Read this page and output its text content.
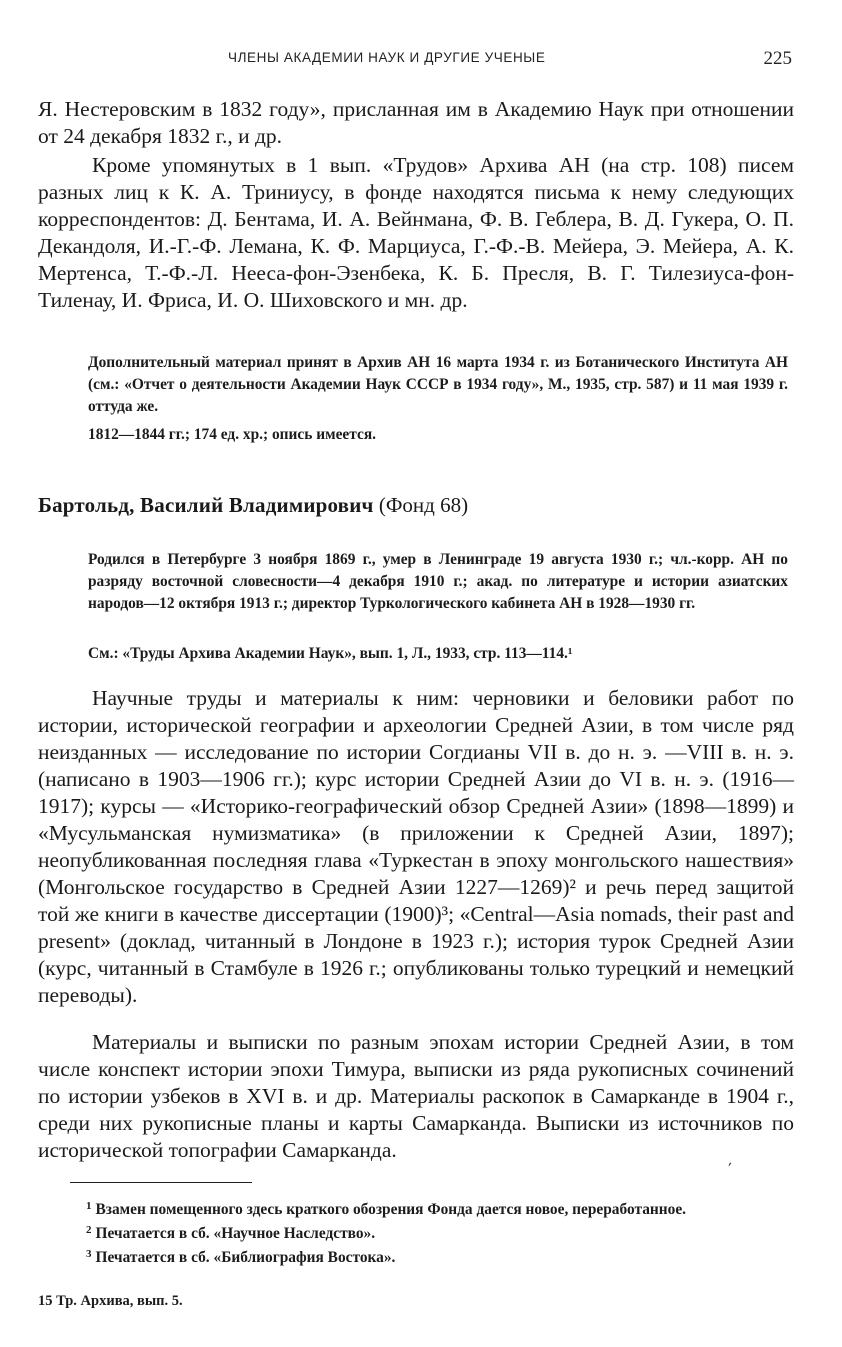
ЧЛЕНЫ АКАДЕМИИ НАУК И ДРУГИЕ УЧЕНЫЕ	225

Я. Нестеровским в 1832 году», присланная им в Академию Наук при отношении от 24 декабря 1832 г., и др.

Кроме упомянутых в 1 вып. «Трудов» Архива АН (на стр. 108) писем разных лиц к К. А. Триниусу, в фонде находятся письма к нему следующих корреспондентов: Д. Бентама, И. А. Вейнмана, Ф. В. Геблера, В. Д. Гукера, О. П. Декандоля, И.-Г.-Ф. Лемана, К. Ф. Марциуса, Г.-Ф.-В. Мейера, Э. Мейера, А. К. Мертенса, Т.-Ф.-Л. Нееса-фон-Эзенбека, К. Б. Пресля, В. Г. Тилезиуса-фон-Тиленау, И. Фриса, И. О. Шиховского и мн. др.

Дополнительный материал принят в Архив АН 16 марта 1934 г. из Ботанического Института АН (см.: «Отчет о деятельности Академии Наук СССР в 1934 году», М., 1935, стр. 587) и 11 мая 1939 г. оттуда же.

1812—1844 гг.; 174 ед. хр.; опись имеется.

Бартольд, Василий Владимирович (Фонд 68)

Родился в Петербурге 3 ноября 1869 г., умер в Ленинграде 19 августа 1930 г.; чл.-корр. АН по разряду восточной словесности—4 декабря 1910 г.; акад. по литературе и истории азиатских народов—12 октября 1913 г.; директор Туркологического кабинета АН в 1928—1930 гг.

См.: «Труды Архива Академии Наук», вып. 1, Л., 1933, стр. 113—114.¹

Научные труды и материалы к ним: черновики и беловики работ по истории, исторической географии и археологии Средней Азии, в том числе ряд неизданных — исследование по истории Согдианы VII в. до н. э. —VIII в. н. э. (написано в 1903—1906 гг.); курс истории Средней Азии до VI в. н. э. (1916—1917); курсы — «Историко-географический обзор Средней Азии» (1898—1899) и «Мусульманская нумизматика» (в приложении к Средней Азии, 1897); неопубликованная последняя глава «Туркестан в эпоху монгольского нашествия» (Монгольское государство в Средней Азии 1227—1269)² и речь перед защитой той же книги в качестве диссертации (1900)³; «Central—Asia nomads, their past and present» (доклад, читанный в Лондоне в 1923 г.); история турок Средней Азии (курс, читанный в Стамбуле в 1926 г.; опубликованы только турецкий и немецкий переводы).

Материалы и выписки по разным эпохам истории Средней Азии, в том числе конспект истории эпохи Тимура, выписки из ряда рукописных сочинений по истории узбеков в XVI в. и др. Материалы раскопок в Самарканде в 1904 г., среди них рукописные планы и карты Самарканда. Выписки из источников по исторической топографии Самарканда.

′

$^1$ Взамен помещенного здесь краткого обозрения Фонда дается новое, переработанное.

$^2$ Печатается в сб. «Научное Наследство».

$^3$ Печатается в сб. «Библиография Востока».

15 Тр. Архива, вып. 5.
